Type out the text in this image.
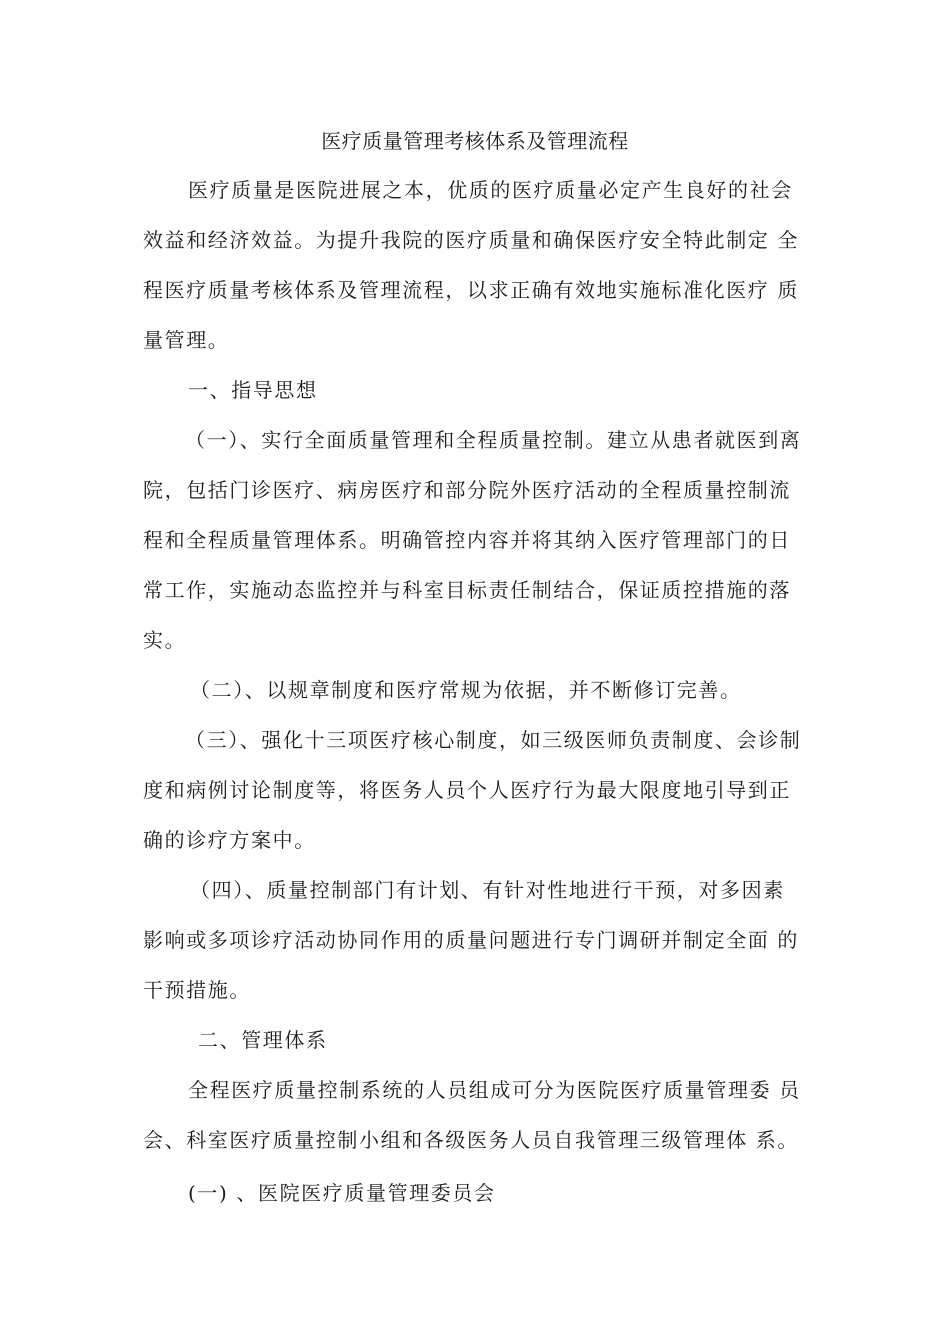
医疗质量管理考核体系及管理流程
医疗质量是医院进展之本，优质的医疗质量必定产生良好的社会
效益和经济效益。为提升我院的医疗质量和确保医疗安全特此制定 全
程医疗质量考核体系及管理流程，以求正确有效地实施标准化医疗 质
量管理。
一、指导思想
（一）、实行全面质量管理和全程质量控制。建立从患者就医到离
院，包括门诊医疗、病房医疗和部分院外医疗活动的全程质量控制流
程和全程质量管理体系。明确管控内容并将其纳入医疗管理部门的日
常工作，实施动态监控并与科室目标责任制结合，保证质控措施的落
实。
（二）、以规章制度和医疗常规为依据，并不断修订完善。
（三）、强化十三项医疗核心制度，如三级医师负责制度、会诊制
度和病例讨论制度等，将医务人员个人医疗行为最大限度地引导到正
确的诊疗方案中。
（四）、质量控制部门有计划、有针对性地进行干预，对多因素
影响或多项诊疗活动协同作用的质量问题进行专门调研并制定全面 的
干预措施。
二、管理体系
全程医疗质量控制系统的人员组成可分为医院医疗质量管理委 员
会、科室医疗质量控制小组和各级医务人员自我管理三级管理体 系。
(一) 、医院医疗质量管理委员会
